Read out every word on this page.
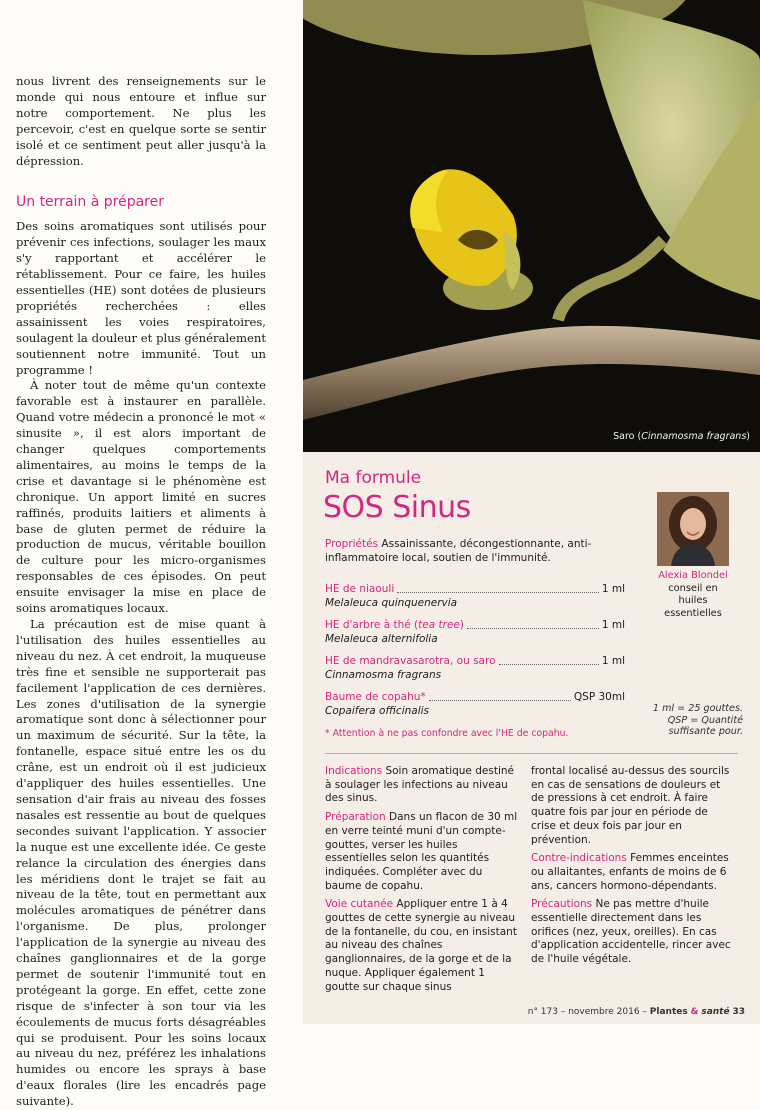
nous livrent des renseignements sur le monde qui nous entoure et influe sur notre comportement. Ne plus les percevoir, c'est en quelque sorte se sentir isolé et ce sentiment peut aller jusqu'à la dépression.

Un terrain à préparer

Des soins aromatiques sont utilisés pour prévenir ces infections, soulager les maux s'y rapportant et accélérer le rétablissement. Pour ce faire, les huiles essentielles (HE) sont dotées de plusieurs propriétés recherchées : elles assainissent les voies respiratoires, soulagent la douleur et plus généralement soutiennent notre immunité. Tout un programme !

À noter tout de même qu'un contexte favorable est à instaurer en parallèle. Quand votre médecin a prononcé le mot « sinusite », il est alors important de changer quelques comportements alimentaires, au moins le temps de la crise et davantage si le phénomène est chronique. Un apport limité en sucres raffinés, produits laitiers et aliments à base de gluten permet de réduire la production de mucus, véritable bouillon de culture pour les micro-organismes responsables de ces épisodes. On peut ensuite envisager la mise en place de soins aromatiques locaux.

La précaution est de mise quant à l'utilisation des huiles essentielles au niveau du nez. À cet endroit, la muqueuse très fine et sensible ne supporterait pas facilement l'application de ces dernières. Les zones d'utilisation de la synergie aromatique sont donc à sélectionner pour un maximum de sécurité. Sur la tête, la fontanelle, espace situé entre les os du crâne, est un endroit où il est judicieux d'appliquer des huiles essentielles. Une sensation d'air frais au niveau des fosses nasales est ressentie au bout de quelques secondes suivant l'application. Y associer la nuque est une excellente idée. Ce geste relance la circulation des énergies dans les méridiens dont le trajet se fait au niveau de la tête, tout en permettant aux molécules aromatiques de pénétrer dans l'organisme. De plus, prolonger l'application de la synergie au niveau des chaînes ganglionnaires et de la gorge permet de soutenir l'immunité tout en protégeant la gorge. En effet, cette zone risque de s'infecter à son tour via les écoulements de mucus forts désagréables qui se produisent. Pour les soins locaux au niveau du nez, préférez les inhalations humides ou encore les sprays à base d'eaux florales (lire les encadrés page suivante).

Saro (Cinnamosma fragrans)
Ma formule
SOS Sinus
Propriétés Assainissante, décongestionnante, anti-inflammatoire local, soutien de l'immunité.
Alexia Blondel
conseil en huiles essentielles
HE de niaouli	1 ml
Melaleuca quinquenervia
HE d'arbre à thé (tea tree)	1 ml
Melaleuca alternifolia
HE de mandravasarotra, ou saro	1 ml
Cinnamosma fragrans
Baume de copahu*	QSP 30ml
Copaifera officinalis	1 ml = 25 gouttes.
QSP = Quantité suffisante pour.
* Attention à ne pas confondre avec l'HE de copahu.

Indications Soin aromatique destiné à soulager les infections au niveau des sinus.

Préparation Dans un flacon de 30 ml en verre teinté muni d'un compte-gouttes, verser les huiles essentielles selon les quantités indiquées. Compléter avec du baume de copahu.

Voie cutanée Appliquer entre 1 à 4 gouttes de cette synergie au niveau de la fontanelle, du cou, en insistant au niveau des chaînes ganglionnaires, de la gorge et de la nuque. Appliquer également 1 goutte sur chaque sinus

frontal localisé au-dessus des sourcils en cas de sensations de douleurs et de pressions à cet endroit. À faire quatre fois par jour en période de crise et deux fois par jour en prévention.

Contre-indications Femmes enceintes ou allaitantes, enfants de moins de 6 ans, cancers hormono-dépendants.

Précautions Ne pas mettre d'huile essentielle directement dans les orifices (nez, yeux, oreilles). En cas d'application accidentelle, rincer avec de l'huile végétale.

n° 173 – novembre 2016 – Plantes & santé 33
